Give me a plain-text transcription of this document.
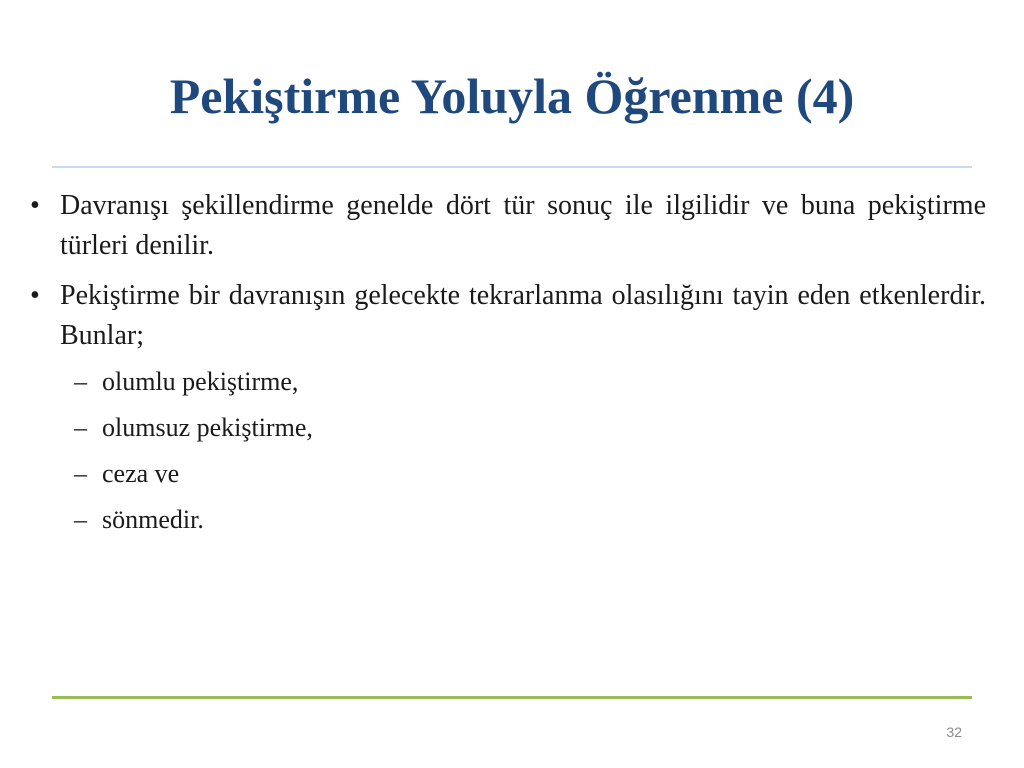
Pekiştirme Yoluyla Öğrenme (4)
• Davranışı şekillendirme genelde dört tür sonuç ile ilgilidir ve buna pekiştirme türleri denilir.
• Pekiştirme bir davranışın gelecekte tekrarlanma olasılığını tayin eden etkenlerdir. Bunlar;
– olumlu pekiştirme,
– olumsuz pekiştirme,
– ceza ve
– sönmedir.
32
